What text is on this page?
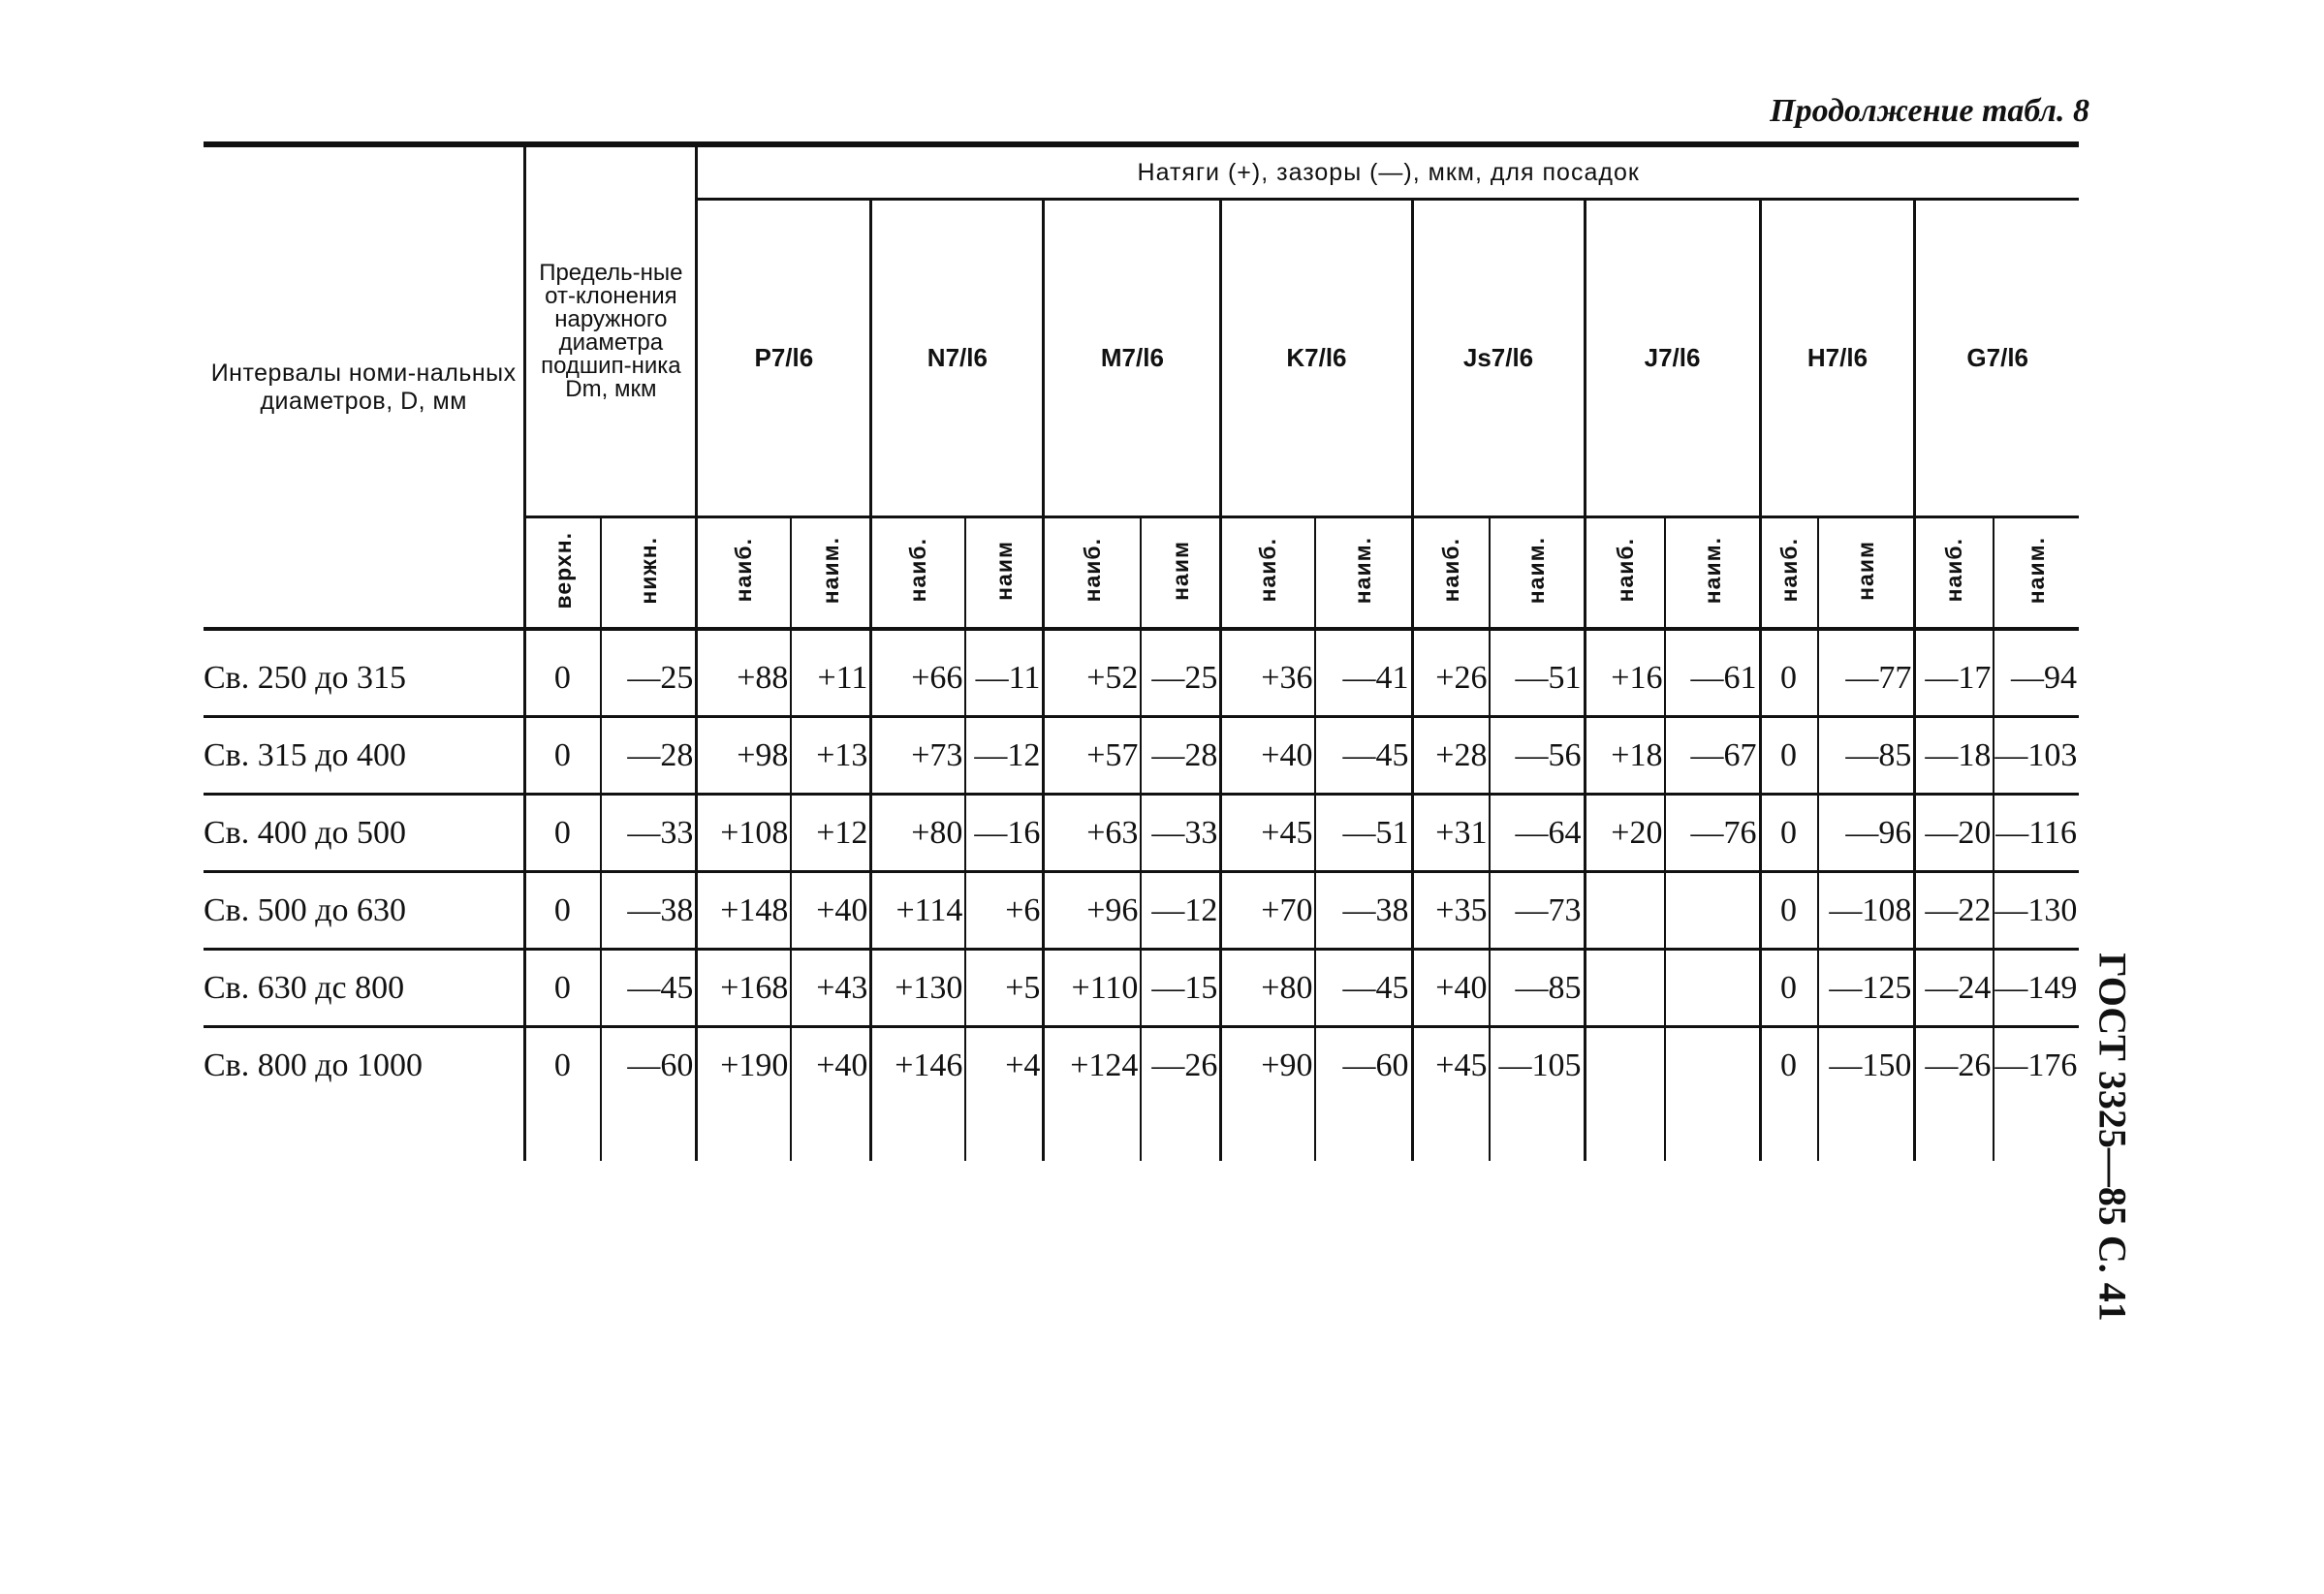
Продолжение табл. 8
Интервалы номи-нальных диаметров, D, мм	Предель-ные от-клонения наружного диаметра подшип-ника Dm, мкм		Натяги (+), зазоры (—), мкм, для посадок															
			P7/l6		N7/l6		M7/l6		K7/l6		Js7/l6		J7/l6		H7/l6		G7/l6	
	верхн.	нижн.	наиб.	наим.	наиб.	наим	наиб.	наим	наиб.	наим.	наиб.	наим.	наиб.	наим.	наиб.	наим	наиб.	наим.

Св. 250 до 315	0	—25	+88	+11	+66	—11	+52	—25	+36	—41	+26	—51	+16	—61	0	—77	—17	—94
Св. 315 до 400	0	—28	+98	+13	+73	—12	+57	—28	+40	—45	+28	—56	+18	—67	0	—85	—18	—103
Св. 400 до 500	0	—33	+108	+12	+80	—16	+63	—33	+45	—51	+31	—64	+20	—76	0	—96	—20	—116
Св. 500 до 630	0	—38	+148	+40	+114	+6	+96	—12	+70	—38	+35	—73			0	—108	—22	—130
Св. 630 дс 800	0	—45	+168	+43	+130	+5	+110	—15	+80	—45	+40	—85			0	—125	—24	—149
Св. 800 до 1000	0	—60	+190	+40	+146	+4	+124	—26	+90	—60	+45	—105			0	—150	—26	—176
																		ГОСТ 3325—85 С. 41
